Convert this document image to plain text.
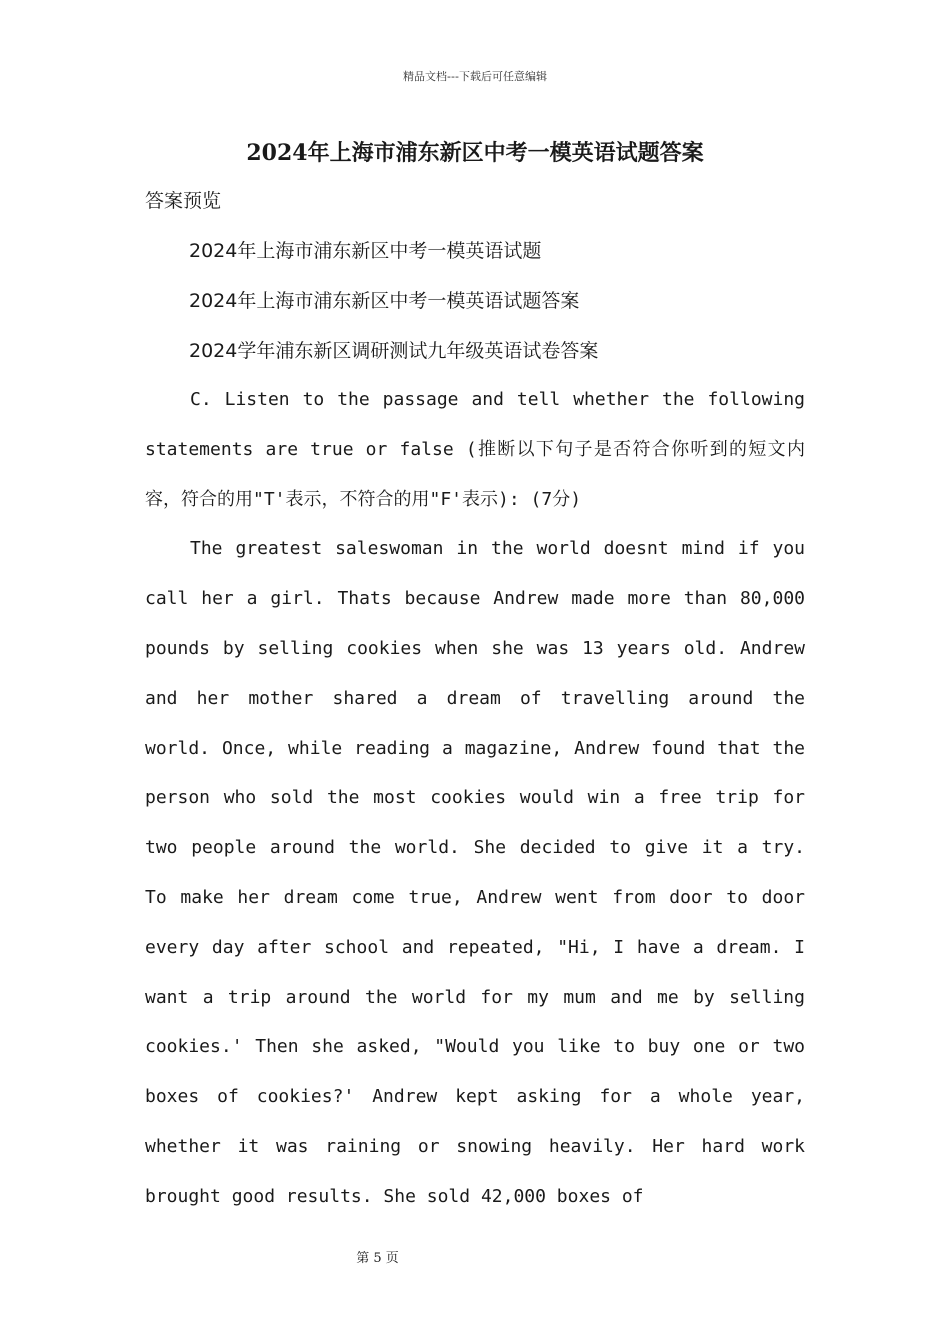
精品文档---下载后可任意编辑
2024年上海市浦东新区中考一模英语试题答案
答案预览
2024年上海市浦东新区中考一模英语试题
2024年上海市浦东新区中考一模英语试题答案
2024学年浦东新区调研测试九年级英语试卷答案

C. Listen to the passage and tell whether the following statements are true or false (推断以下句子是否符合你听到的短文内容，符合的用"T'表示，不符合的用"F'表示): (7分)

The greatest saleswoman in the world doesnt mind if you call her a girl. Thats because Andrew made more than 80,000 pounds by selling cookies when she was 13 years old. Andrew and her mother shared a dream of travelling around the world. Once, while reading a magazine, Andrew found that the person who sold the most cookies would win a free trip for two people around the world. She decided to give it a try. To make her dream come true, Andrew went from door to door every day after school and repeated, "Hi, I have a dream. I want a trip around the world for my mum and me by selling cookies.' Then she asked, "Would you like to buy one or two boxes of cookies?' Andrew kept asking for a whole year, whether it was raining or snowing heavily. Her hard work brought good results. She sold 42,000 boxes of

第 5 页
